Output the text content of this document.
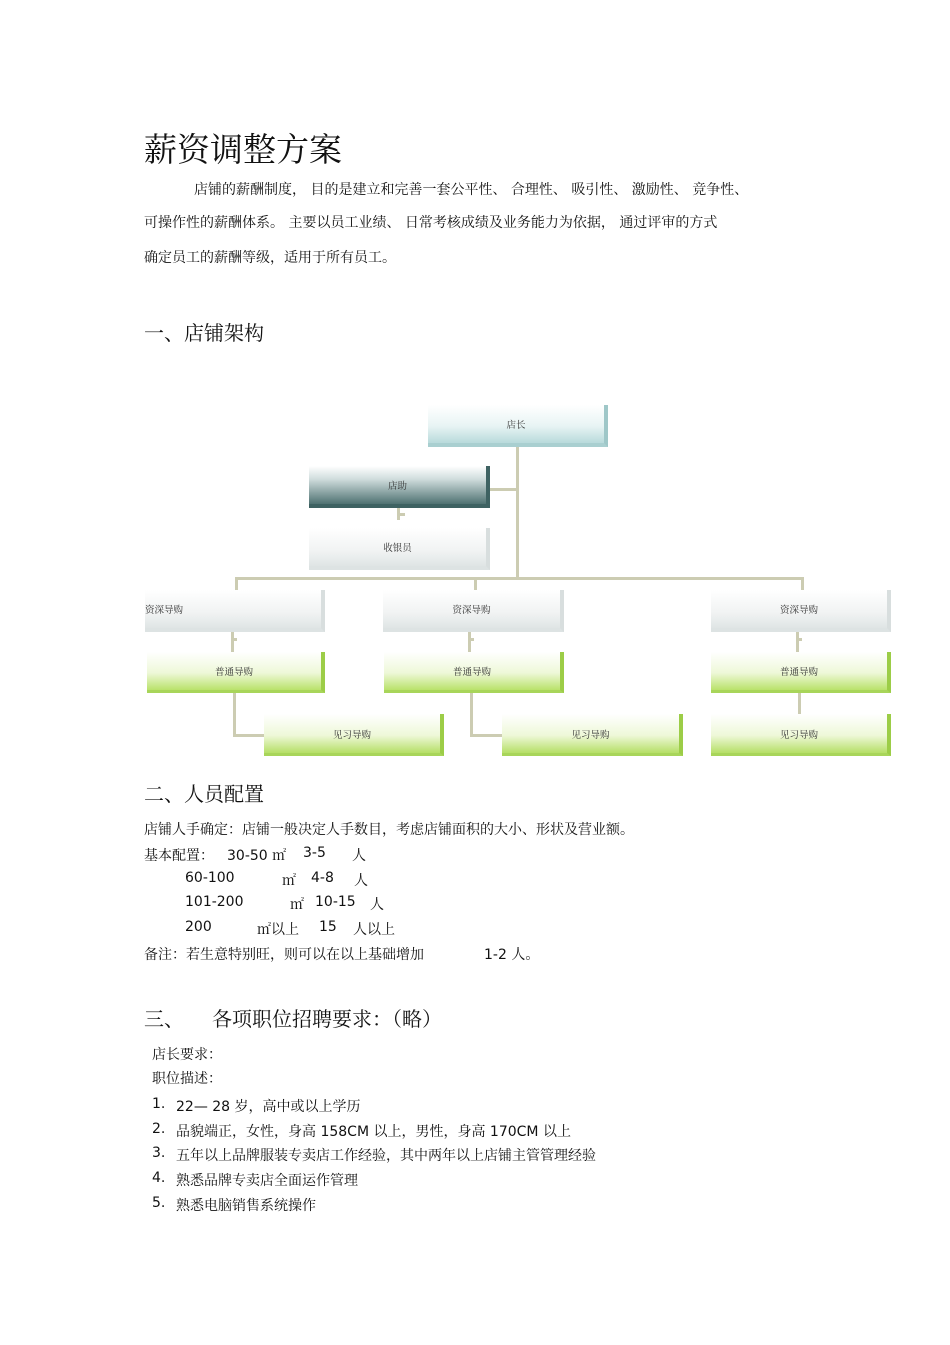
薪资调整方案
店铺的薪酬制度， 目的是建立和完善一套公平性、 合理性、 吸引性、 激励性、 竞争性、
可操作性的薪酬体系。 主要以员工业绩、 日常考核成绩及业务能力为依据， 通过评审的方式
确定员工的薪酬等级，适用于所有员工。
一、店铺架构
店长
店助
收银员
资深导购	资深导购	资深导购
普通导购	普通导购	普通导购
见习导购	见习导购	见习导购
二、人员配置
店铺人手确定：店铺一般决定人手数目，考虑店铺面积的大小、形状及营业额。
基本配置： 30-50 ㎡ 3-5 人
60-100	㎡ 4-8 人
101-200	㎡ 10-15 人
200	㎡以上 15 人以上
备注：若生意特别旺，则可以在以上基础增加	1-2 人。
三、 各项职位招聘要求：（略）
店长要求：
职位描述：
1. 22— 28 岁，高中或以上学历
2. 品貌端正，女性，身高 158CM 以上，男性，身高 170CM 以上
3. 五年以上品牌服装专卖店工作经验，其中两年以上店铺主管管理经验
4. 熟悉品牌专卖店全面运作管理
5. 熟悉电脑销售系统操作
